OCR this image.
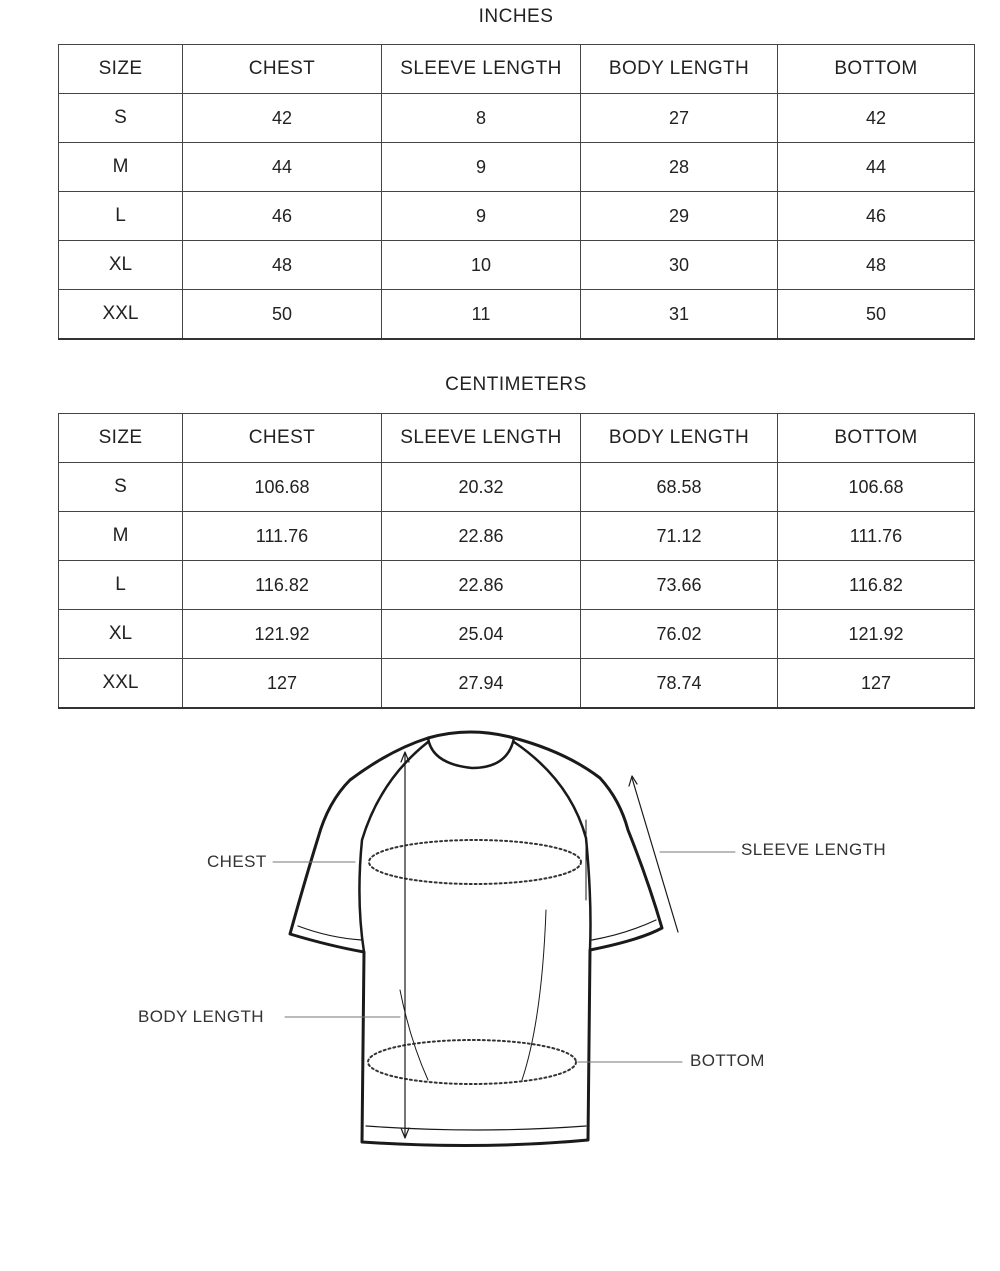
INCHES
SIZE	CHEST	SLEEVE LENGTH	BODY LENGTH	BOTTOM
S	42	8	27	42
M	44	9	28	44
L	46	9	29	46
XL	48	10	30	48
XXL	50	11	31	50
CENTIMETERS
SIZE	CHEST	SLEEVE LENGTH	BODY LENGTH	BOTTOM
S	106.68	20.32	68.58	106.68
M	111.76	22.86	71.12	111.76
L	116.82	22.86	73.66	116.82
XL	121.92	25.04	76.02	121.92
XXL	127	27.94	78.74	127
CHEST
SLEEVE LENGTH
BODY LENGTH
BOTTOM
